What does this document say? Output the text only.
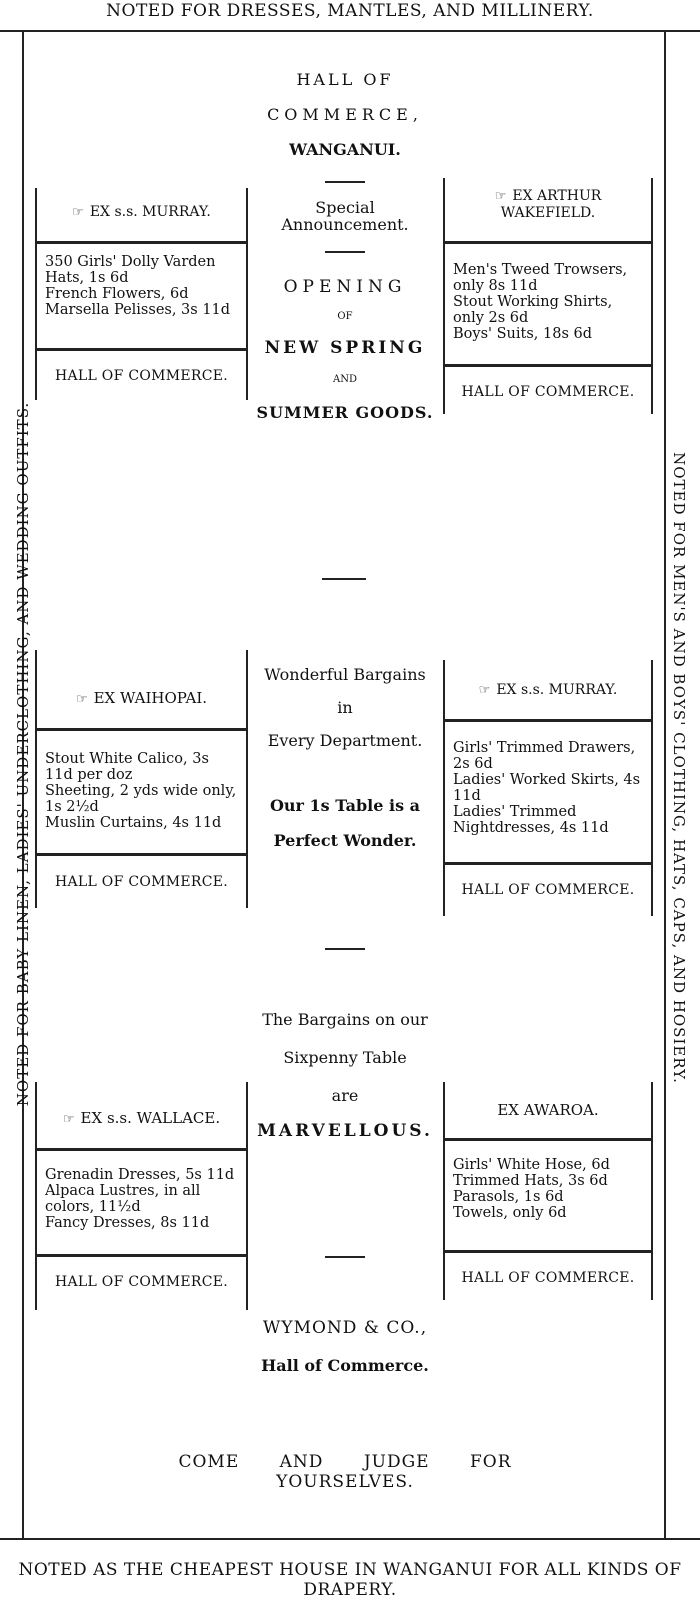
NOTED FOR DRESSES, MANTLES, AND MILLINERY.
NOTED AS THE CHEAPEST HOUSE IN WANGANUI FOR ALL KINDS OF DRAPERY.
NOTED FOR BABY LINEN, LADIES' UNDERCLOTHING, AND WEDDING OUTFITS.	NOTED FOR MEN'S AND BOYS' CLOTHING, HATS, CAPS, AND HOSIERY.
HALL OF
COMMERCE,
WANGANUI.
Special Announcement.
OPENING
OF
NEW SPRING
AND
SUMMER GOODS.
Wonderful Bargains
in
Every Department.
Our 1s Table is a
Perfect Wonder.
The Bargains on our
Sixpenny Table
are
MARVELLOUS.
WYMOND & CO.,
Hall of Commerce.
COME AND JUDGE FOR YOURSELVES.
☞ EX s.s. MURRAY.

350 Girls' Dolly Varden Hats, 1s 6d

French Flowers, 6d

Marsella Pelisses, 3s 11d

HALL OF COMMERCE.
☞ EX ARTHUR WAKEFIELD.

Men's Tweed Trowsers, only 8s 11d

Stout Working Shirts, only 2s 6d

Boys' Suits, 18s 6d

HALL OF COMMERCE.
☞ EX WAIHOPAI.

Stout White Calico, 3s 11d per doz

Sheeting, 2 yds wide only, 1s 2½d

Muslin Curtains, 4s 11d

HALL OF COMMERCE.
☞ EX s.s. MURRAY.

Girls' Trimmed Drawers, 2s 6d

Ladies' Worked Skirts, 4s 11d

Ladies' Trimmed Nightdresses, 4s 11d

HALL OF COMMERCE.
☞ EX s.s. WALLACE.

Grenadin Dresses, 5s 11d

Alpaca Lustres, in all colors, 11½d

Fancy Dresses, 8s 11d

HALL OF COMMERCE.
EX AWAROA.

Girls' White Hose, 6d

Trimmed Hats, 3s 6d

Parasols, 1s 6d

Towels, only 6d

HALL OF COMMERCE.
